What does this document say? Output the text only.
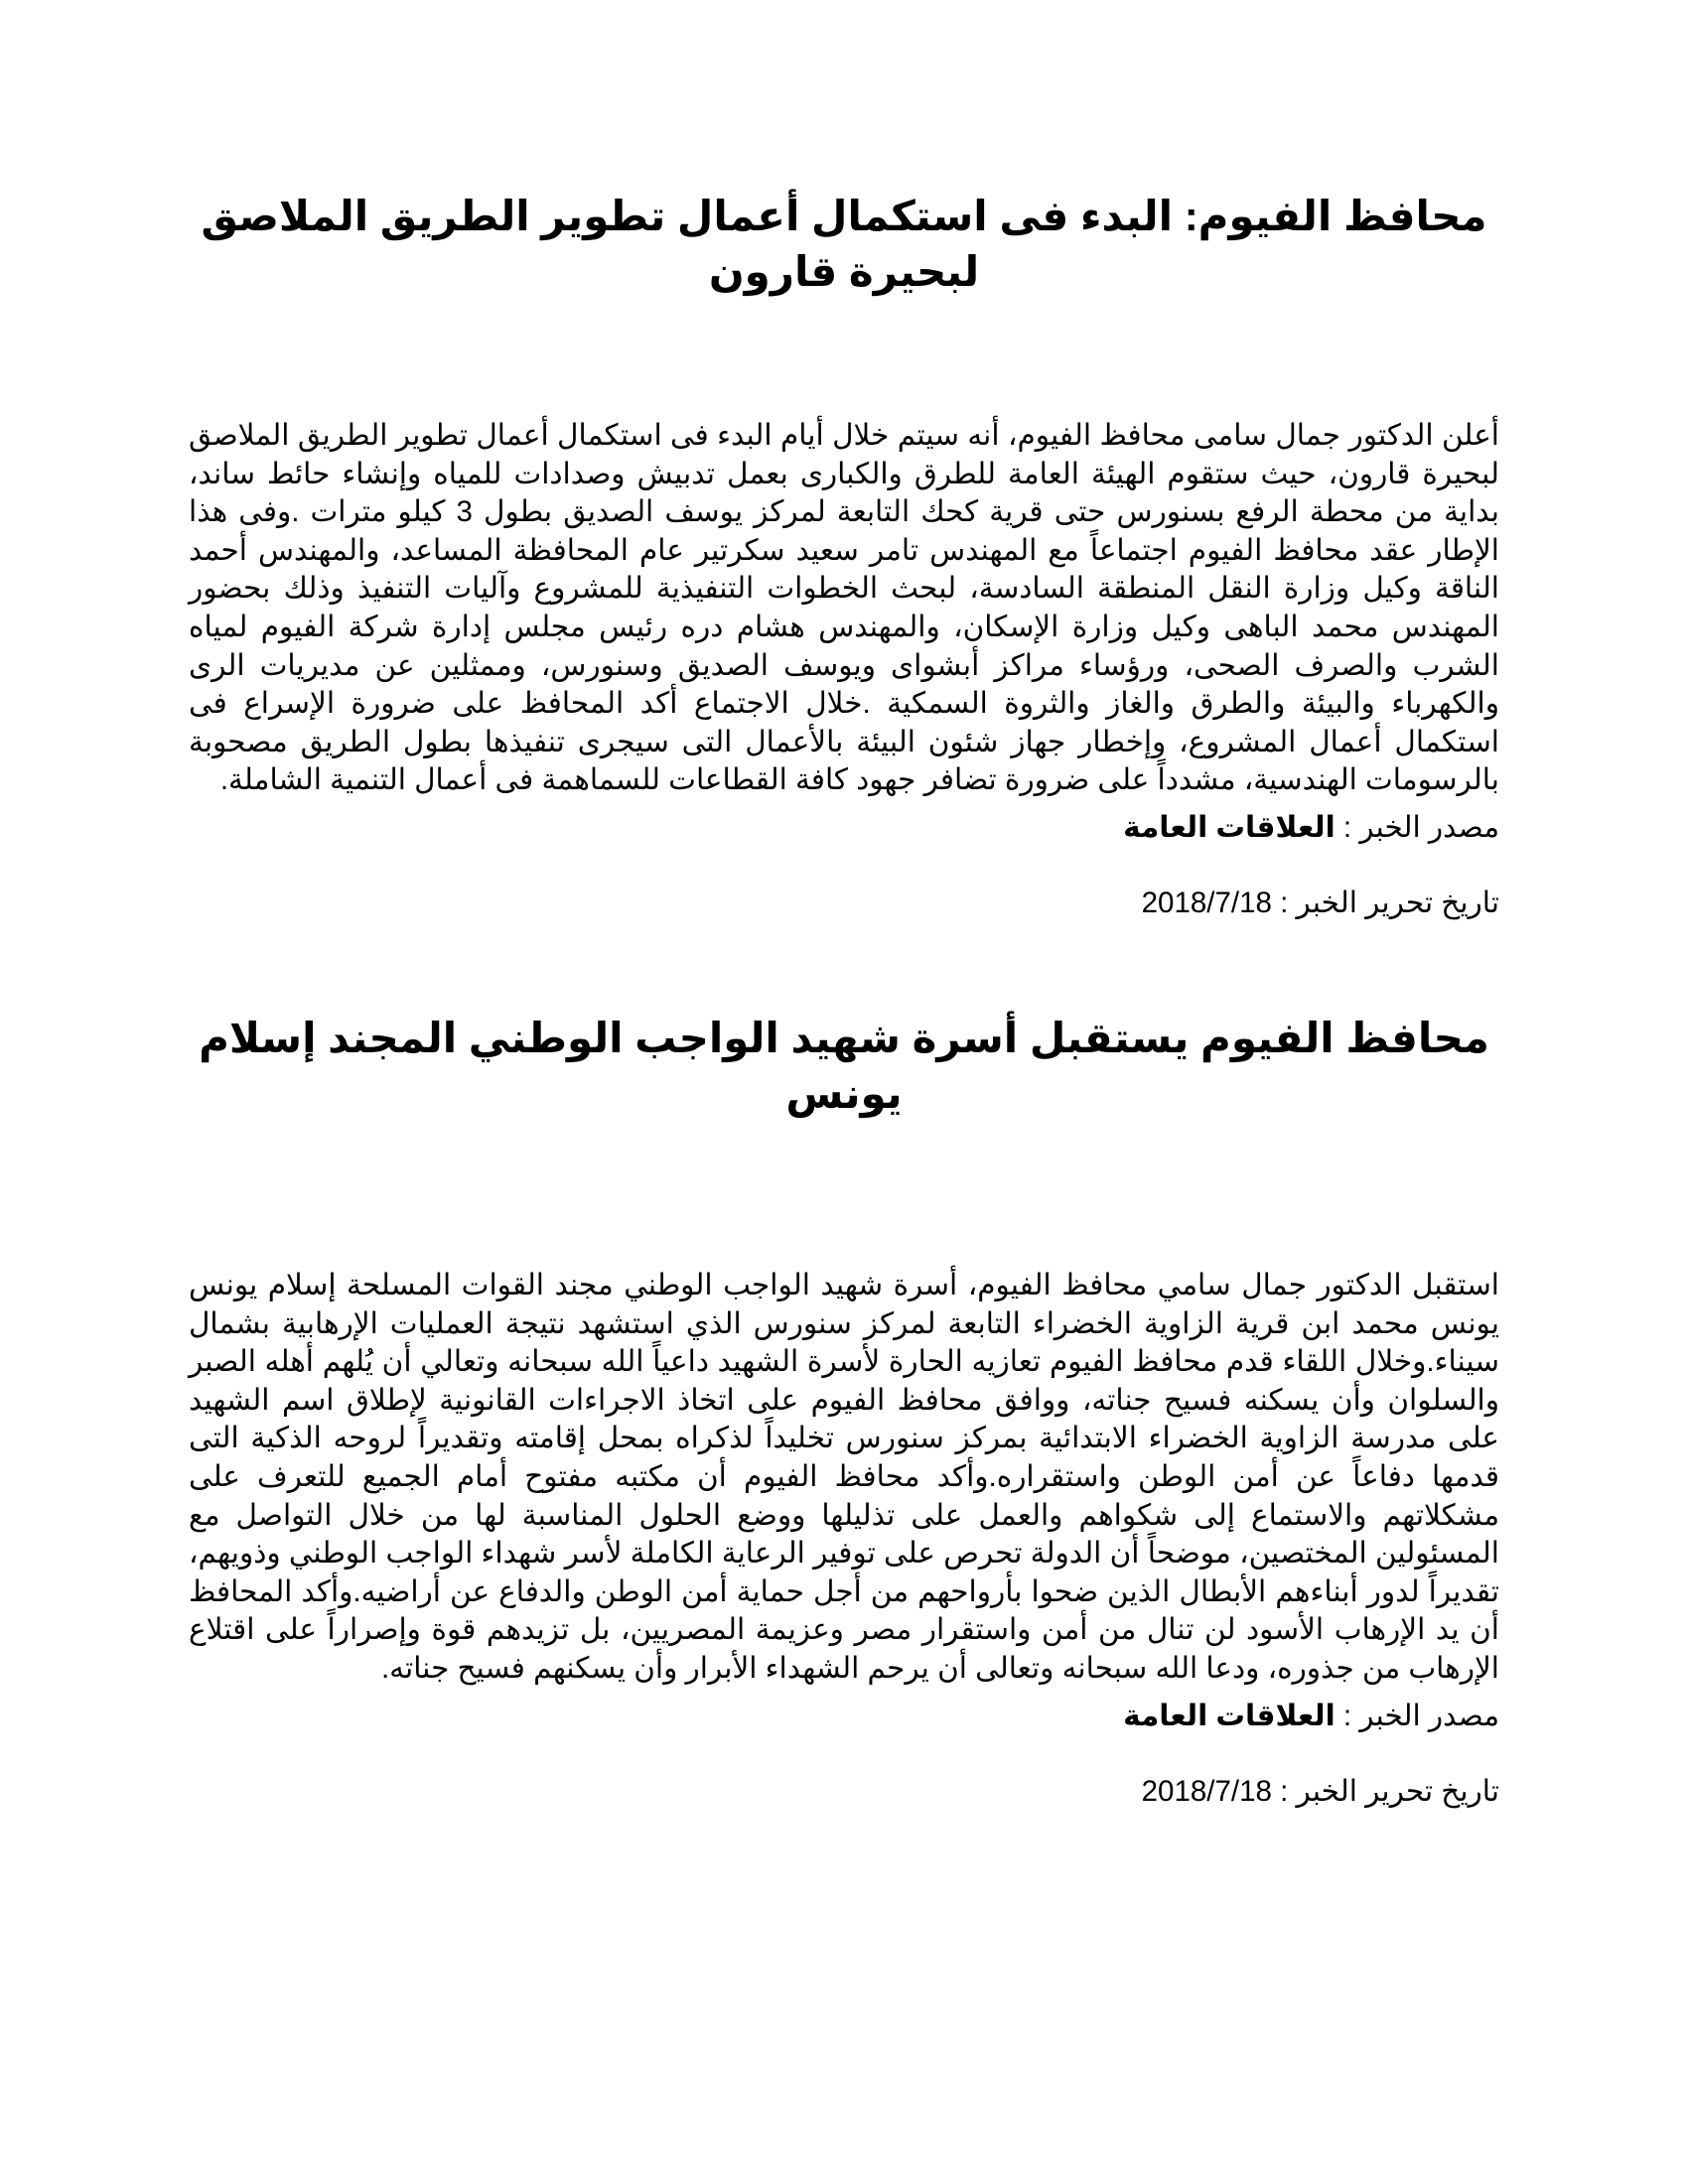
محافظ الفيوم: البدء فى استكمال أعمال تطوير الطريق الملاصق لبحيرة قارون

أعلن الدكتور جمال سامى محافظ الفيوم، أنه سيتم خلال أيام البدء فى استكمال أعمال تطوير الطريق الملاصق لبحيرة قارون، حيث ستقوم الهيئة العامة للطرق والكبارى بعمل تدبيش وصدادات للمياه وإنشاء حائط ساند، بداية من محطة الرفع بسنورس حتى قرية كحك التابعة لمركز يوسف الصديق بطول 3 كيلو مترات .وفى هذا الإطار عقد محافظ الفيوم اجتماعاً مع المهندس تامر سعيد سكرتير عام المحافظة المساعد، والمهندس أحمد الناقة وكيل وزارة النقل المنطقة السادسة، لبحث الخطوات التنفيذية للمشروع وآليات التنفيذ وذلك بحضور المهندس محمد الباهى وكيل وزارة الإسكان، والمهندس هشام دره رئيس مجلس إدارة شركة الفيوم لمياه الشرب والصرف الصحى، ورؤساء مراكز أبشواى ويوسف الصديق وسنورس، وممثلين عن مديريات الرى والكهرباء والبيئة والطرق والغاز والثروة السمكية .خلال الاجتماع أكد المحافظ على ضرورة الإسراع فى استكمال أعمال المشروع، وإخطار جهاز شئون البيئة بالأعمال التى سيجرى تنفيذها بطول الطريق مصحوبة بالرسومات الهندسية، مشدداً على ضرورة تضافر جهود كافة القطاعات للسماهمة فى أعمال التنمية الشاملة.

مصدر الخبر : العلاقات العامة

تاريخ تحرير الخبر : 2018/7/18

محافظ الفيوم يستقبل أسرة شهيد الواجب الوطني المجند إسلام يونس

استقبل الدكتور جمال سامي محافظ الفيوم، أسرة شهيد الواجب الوطني مجند القوات المسلحة إسلام يونس يونس محمد ابن قرية الزاوية الخضراء التابعة لمركز سنورس الذي استشهد نتيجة العمليات الإرهابية بشمال سيناء.وخلال اللقاء قدم محافظ الفيوم تعازيه الحارة لأسرة الشهيد داعياً الله سبحانه وتعالي أن يُلهم أهله الصبر والسلوان وأن يسكنه فسيح جناته، ووافق محافظ الفيوم على اتخاذ الاجراءات القانونية لإطلاق اسم الشهيد على مدرسة الزاوية الخضراء الابتدائية بمركز سنورس تخليداً لذكراه بمحل إقامته وتقديراً لروحه الذكية التى قدمها دفاعاً عن أمن الوطن واستقراره.وأكد محافظ الفيوم أن مكتبه مفتوح أمام الجميع للتعرف على مشكلاتهم والاستماع إلى شكواهم والعمل على تذليلها ووضع الحلول المناسبة لها من خلال التواصل مع المسئولين المختصين، موضحاً أن الدولة تحرص على توفير الرعاية الكاملة لأسر شهداء الواجب الوطني وذويهم، تقديراً لدور أبناءهم الأبطال الذين ضحوا بأرواحهم من أجل حماية أمن الوطن والدفاع عن أراضيه.وأكد المحافظ أن يد الإرهاب الأسود لن تنال من أمن واستقرار مصر وعزيمة المصريين، بل تزيدهم قوة وإصراراً على اقتلاع الإرهاب من جذوره، ودعا الله سبحانه وتعالى أن يرحم الشهداء الأبرار وأن يسكنهم فسيح جناته.

مصدر الخبر : العلاقات العامة

تاريخ تحرير الخبر : 2018/7/18
